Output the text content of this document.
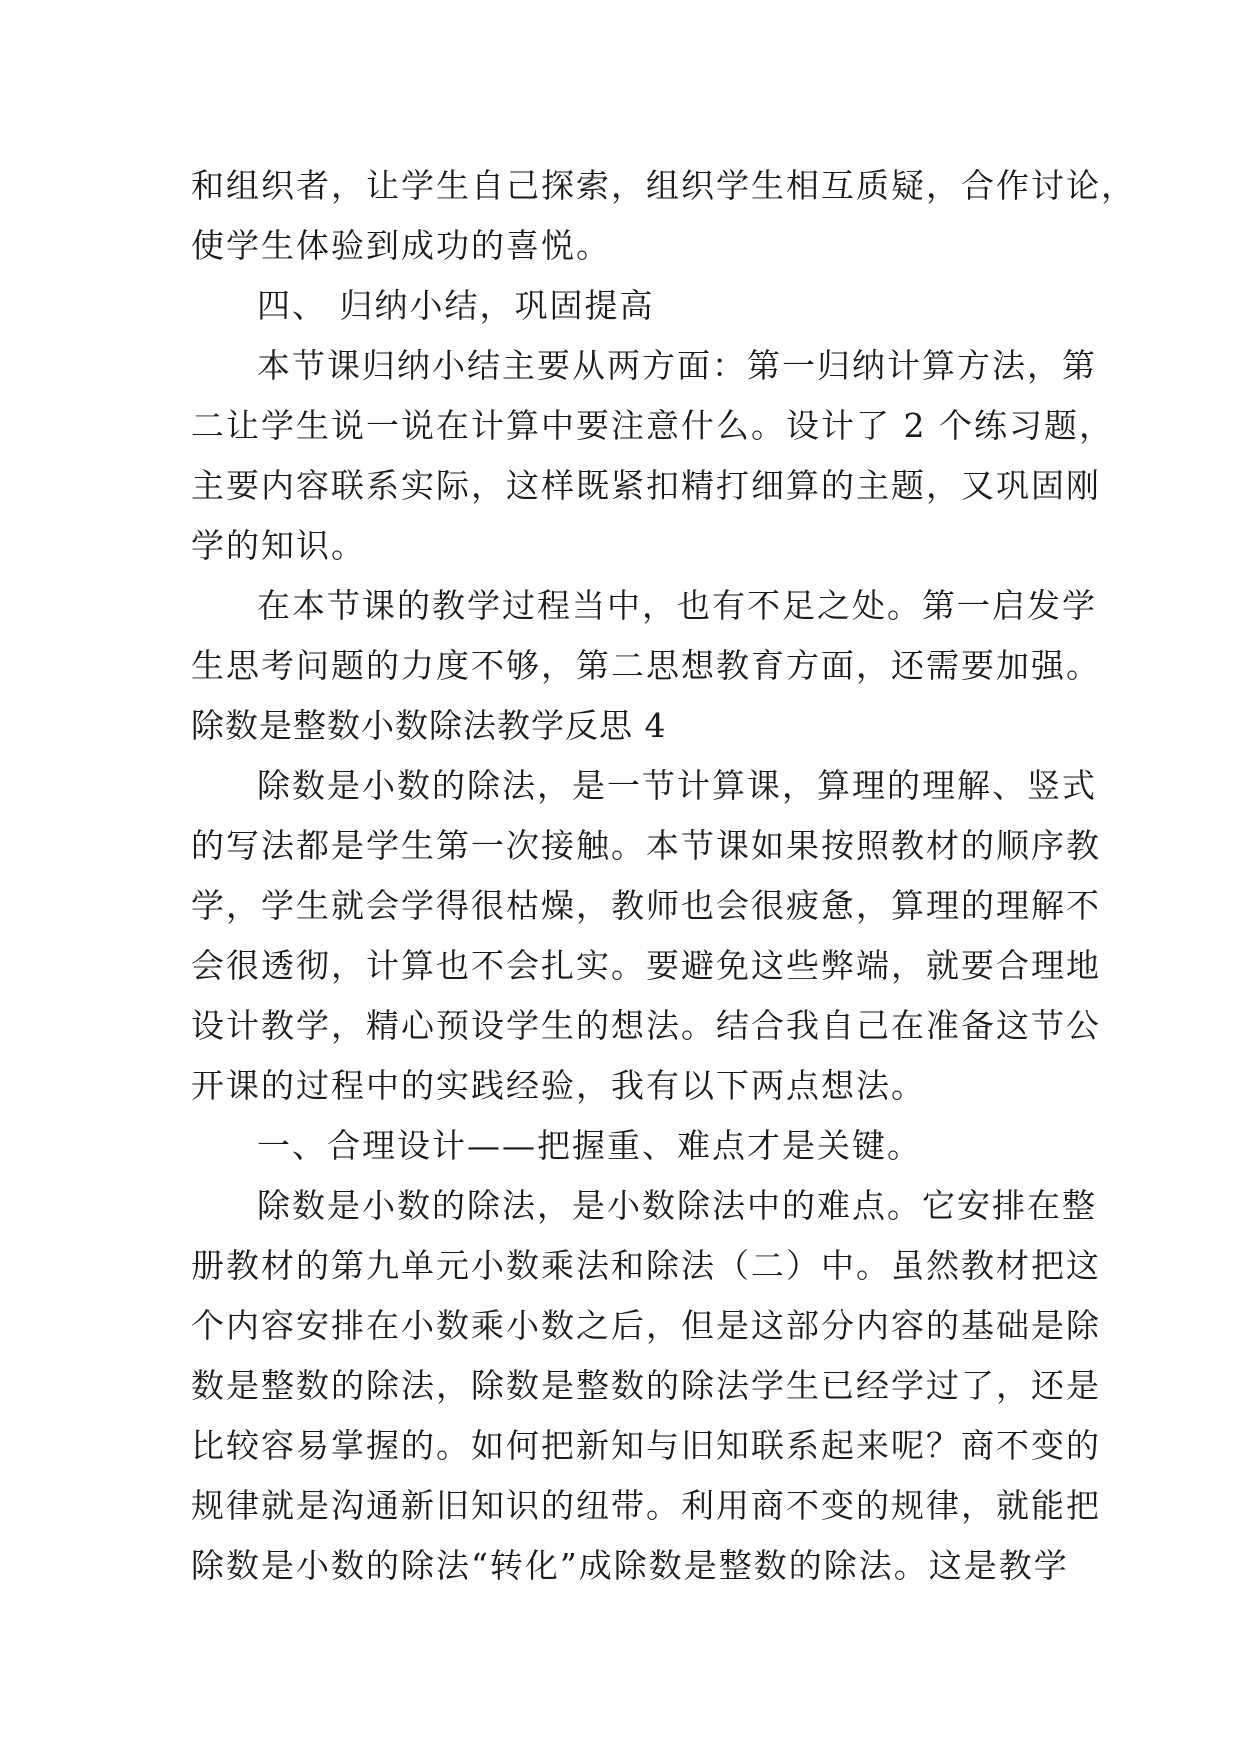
和组织者，让学生自己探索，组织学生相互质疑，合作讨论，
使学生体验到成功的喜悦。
四、 归纳小结，巩固提高
本节课归纳小结主要从两方面：第一归纳计算方法，第
二让学生说一说在计算中要注意什么。设计了 2 个练习题，
主要内容联系实际，这样既紧扣精打细算的主题，又巩固刚
学的知识。
在本节课的教学过程当中，也有不足之处。第一启发学
生思考问题的力度不够，第二思想教育方面，还需要加强。
除数是整数小数除法教学反思 4
除数是小数的除法，是一节计算课，算理的理解、竖式
的写法都是学生第一次接触。本节课如果按照教材的顺序教
学，学生就会学得很枯燥，教师也会很疲惫，算理的理解不
会很透彻，计算也不会扎实。要避免这些弊端，就要合理地
设计教学，精心预设学生的想法。结合我自己在准备这节公
开课的过程中的实践经验，我有以下两点想法。
一、合理设计——把握重、难点才是关键。
除数是小数的除法，是小数除法中的难点。它安排在整
册教材的第九单元小数乘法和除法（二）中。虽然教材把这
个内容安排在小数乘小数之后，但是这部分内容的基础是除
数是整数的除法，除数是整数的除法学生已经学过了，还是
比较容易掌握的。如何把新知与旧知联系起来呢？商不变的
规律就是沟通新旧知识的纽带。利用商不变的规律，就能把
除数是小数的除法“转化”成除数是整数的除法。这是教学
